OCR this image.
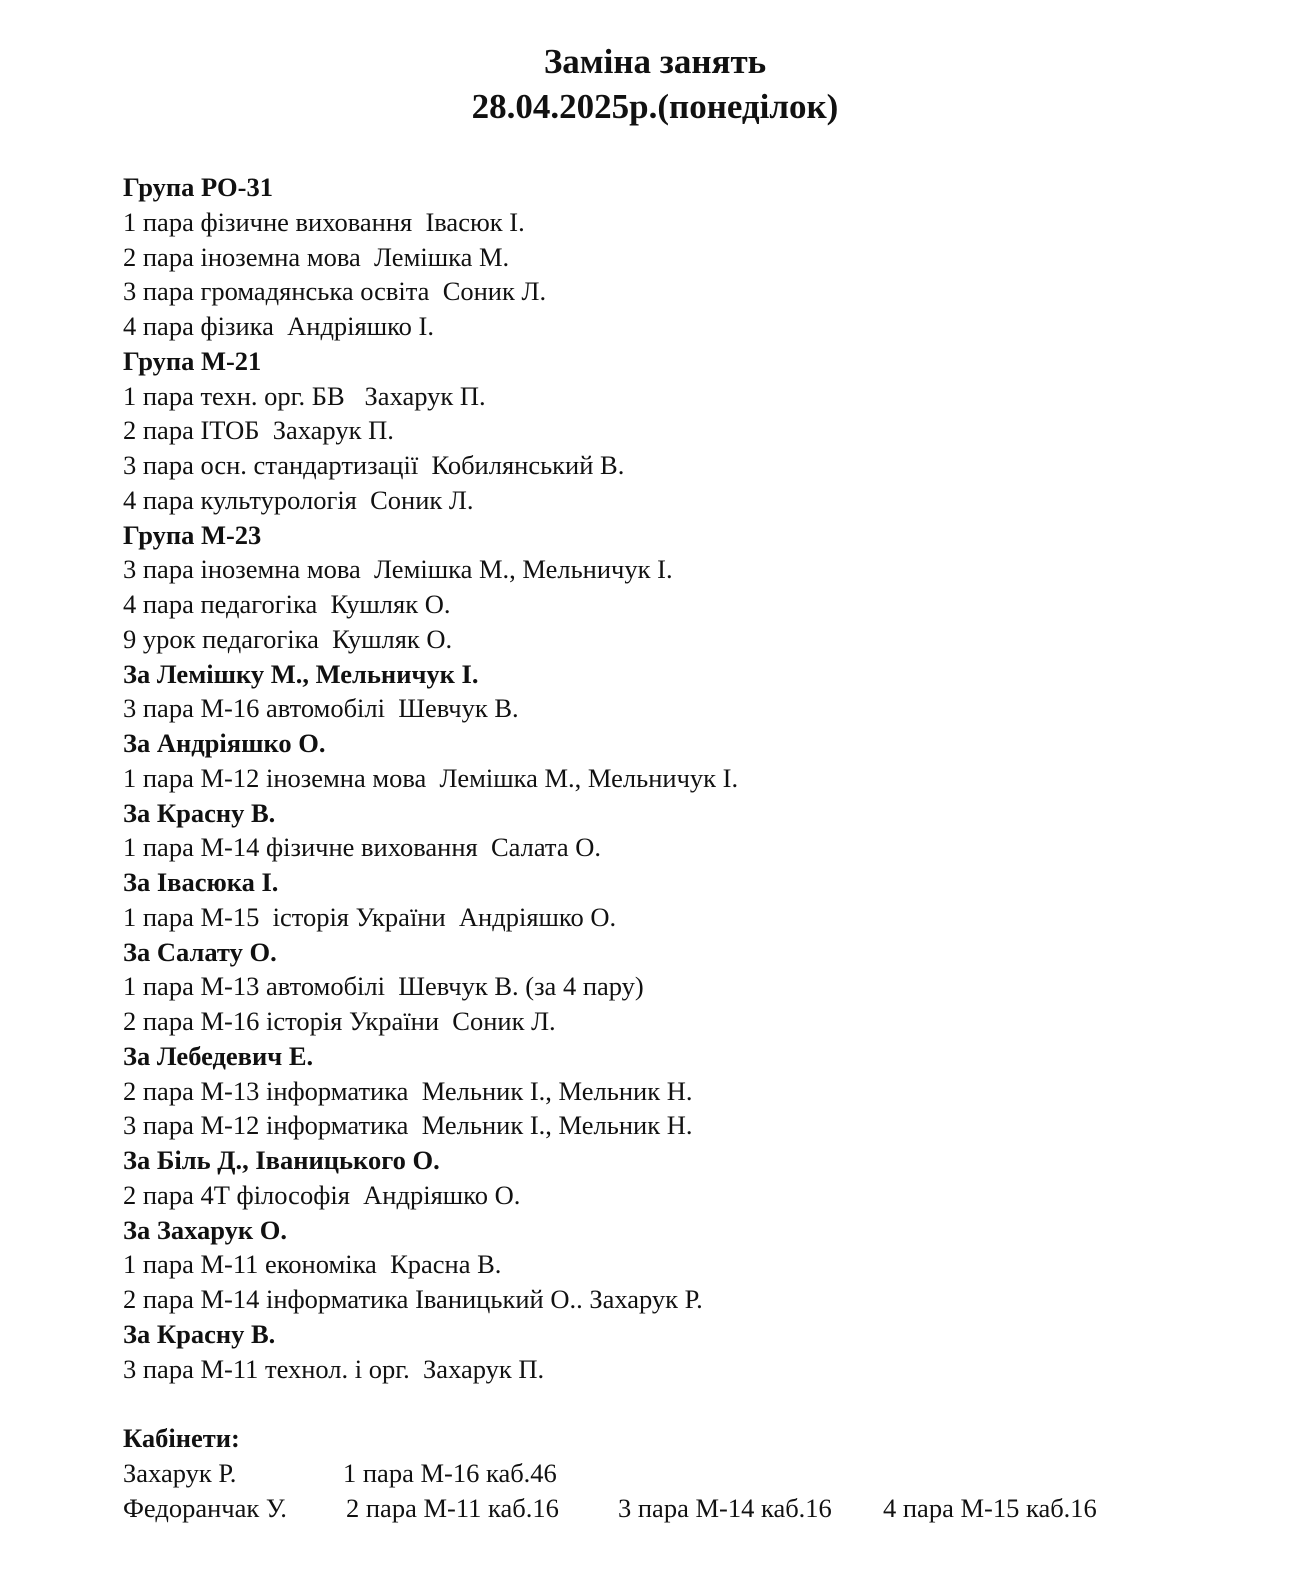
Заміна занять
28.04.2025р.(понеділок)
Група РО-31
1 пара фізичне виховання  Івасюк І.
2 пара іноземна мова  Лемішка М.
3 пара громадянська освіта  Соник Л.
4 пара фізика  Андріяшко І.
Група М-21
1 пара техн. орг. БВ   Захарук П.
2 пара ІТОБ  Захарук П.
3 пара осн. стандартизації  Кобилянський В.
4 пара культурологія  Соник Л.
Група М-23
3 пара іноземна мова  Лемішка М., Мельничук І.
4 пара педагогіка  Кушляк О.
9 урок педагогіка  Кушляк О.
За Лемішку М., Мельничук І.
3 пара М-16 автомобілі  Шевчук В.
За Андріяшко О.
1 пара М-12 іноземна мова  Лемішка М., Мельничук І.
За Красну В.
1 пара М-14 фізичне виховання  Салата О.
За Івасюка І.
1 пара М-15  історія України  Андріяшко О.
За Салату О.
1 пара М-13 автомобілі  Шевчук В. (за 4 пару)
2 пара М-16 історія України  Соник Л.
За Лебедевич Е.
2 пара М-13 інформатика  Мельник І., Мельник Н.
3 пара М-12 інформатика  Мельник І., Мельник Н.
За Біль Д., Іваницького О.
2 пара 4Т філософія  Андріяшко О.
За Захарук О.
1 пара М-11 економіка  Красна В.
2 пара М-14 інформатика Іваницький О.. Захарук Р.
За Красну В.
3 пара М-11 технол. і орг.  Захарук П.
Кабінети:
Захарук Р.	1 пара М-16 каб.46
Федоранчак У. 2 пара М-11 каб.16 3 пара М-14 каб.16 4 пара М-15 каб.16
